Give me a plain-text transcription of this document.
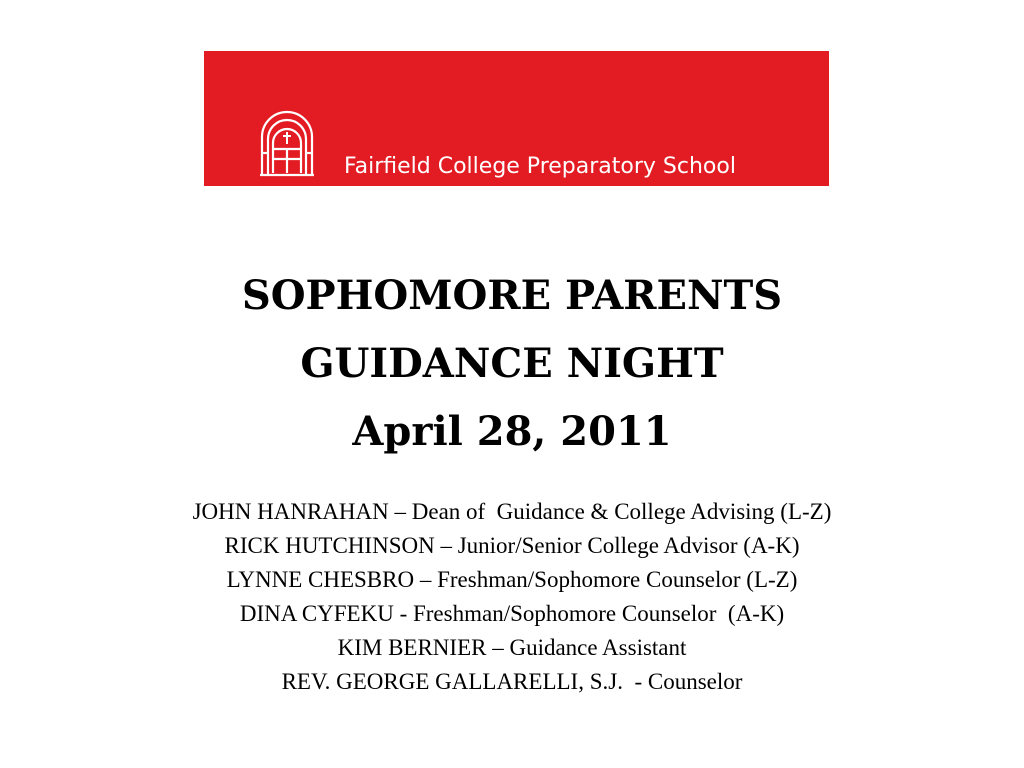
Fairfield College Preparatory School
SOPHOMORE PARENTS
GUIDANCE NIGHT
April 28, 2011
JOHN HANRAHAN – Dean of  Guidance & College Advising (L-Z)
RICK HUTCHINSON – Junior/Senior College Advisor (A-K)
LYNNE CHESBRO – Freshman/Sophomore Counselor (L-Z)
DINA CYFEKU - Freshman/Sophomore Counselor  (A-K)
KIM BERNIER – Guidance Assistant
REV. GEORGE GALLARELLI, S.J.  - Counselor
